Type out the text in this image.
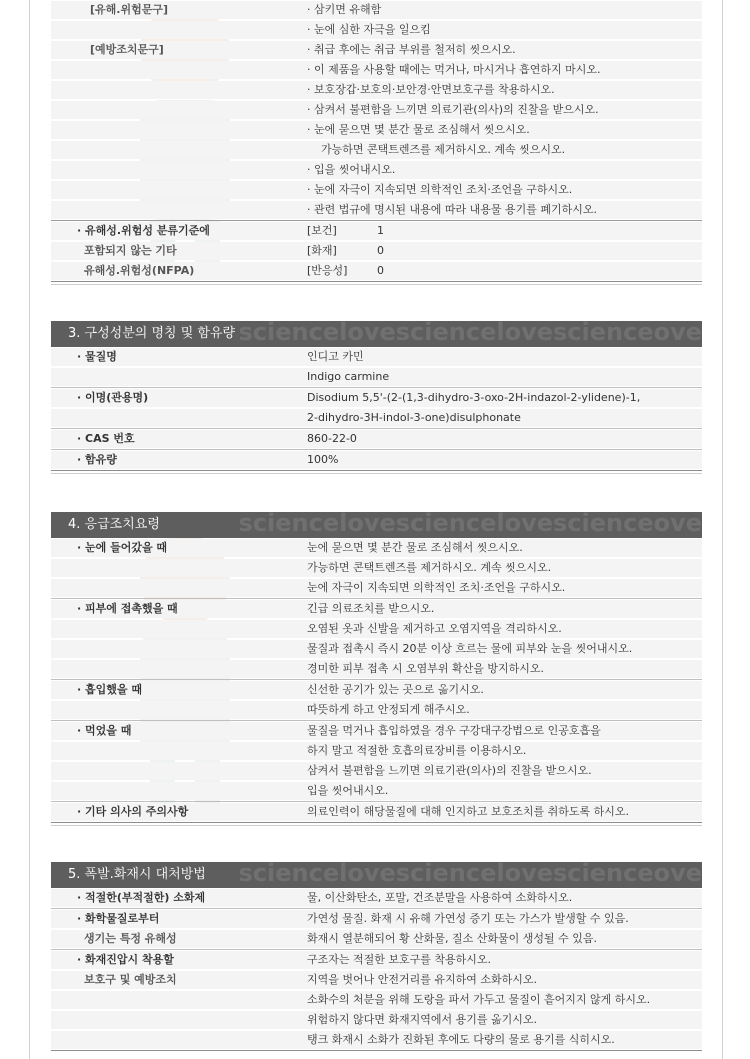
[유해.위험문구]	· 삼키면 유해함
· 눈에 심한 자극을 일으킴
[예방조치문구]	· 취급 후에는 취급 부위를 철저히 씻으시오.
· 이 제품을 사용할 때에는 먹거나, 마시거나 흡연하지 마시오.
· 보호장갑·보호의·보안경·안면보호구를 착용하시오.
· 삼켜서 불편함을 느끼면 의료기관(의사)의 진찰을 받으시오.
· 눈에 묻으면 몇 분간 물로 조심해서 씻으시오.
가능하면 콘택트렌즈를 제거하시오. 계속 씻으시오.
· 입을 씻어내시오.
· 눈에 자극이 지속되면 의학적인 조치·조언을 구하시오.
· 관련 법규에 명시된 내용에 따라 내용물 용기를 폐기하시오.
· 유해성.위험성 분류기준에	[보건]	1
포함되지 않는 기타	[화재]	0
유해성.위험성(NFPA)	[반응성]	0
sciencelovesciencelovescienceove
3. 구성성분의 명칭 및 함유량
· 물질명	인디고 카민
Indigo carmine
· 이명(관용명)	Disodium 5,5'-(2-(1,3-dihydro-3-oxo-2H-indazol-2-ylidene)-1,
2-dihydro-3H-indol-3-one)disulphonate
· CAS 번호	860-22-0
· 함유량	100%
sciencelovesciencelovescienceove
4. 응급조치요령
· 눈에 들어갔을 때	눈에 묻으면 몇 분간 물로 조심해서 씻으시오.
가능하면 콘택트렌즈를 제거하시오. 계속 씻으시오.
눈에 자극이 지속되면 의학적인 조치·조언을 구하시오.
· 피부에 접촉했을 때	긴급 의료조치를 받으시오.
오염된 옷과 신발을 제거하고 오염지역을 격리하시오.
물질과 접촉시 즉시 20분 이상 흐르는 물에 피부와 눈을 씻어내시오.
경미한 피부 접촉 시 오염부위 확산을 방지하시오.
· 흡입했을 때	신선한 공기가 있는 곳으로 옮기시오.
따뜻하게 하고 안정되게 해주시오.
· 먹었을 때	물질을 먹거나 흡입하였을 경우 구강대구강법으로 인공호흡을
하지 말고 적절한 호흡의료장비를 이용하시오.
삼켜서 불편함을 느끼면 의료기관(의사)의 진찰을 받으시오.
입을 씻어내시오.
· 기타 의사의 주의사항	의료인력이 해당물질에 대해 인지하고 보호조치를 취하도록 하시오.
sciencelovesciencelovescienceove
5. 폭발.화재시 대처방법
· 적절한(부적절한) 소화제	물, 이산화탄소, 포말, 건조분말을 사용하여 소화하시오.
· 화학물질로부터	가연성 물질. 화재 시 유해 가연성 증기 또는 가스가 발생할 수 있음.
생기는 특정 유해성	화재시 열분해되어 황 산화물, 질소 산화물이 생성될 수 있음.
· 화재진압시 착용할	구조자는 적절한 보호구를 착용하시오.
보호구 및 예방조치	지역을 벗어나 안전거리를 유지하여 소화하시오.
소화수의 처분을 위해 도랑을 파서 가두고 물질이 흩어지지 않게 하시오.
위험하지 않다면 화재지역에서 용기를 옮기시오.
탱크 화재시 소화가 진화된 후에도 다량의 물로 용기를 식히시오.
